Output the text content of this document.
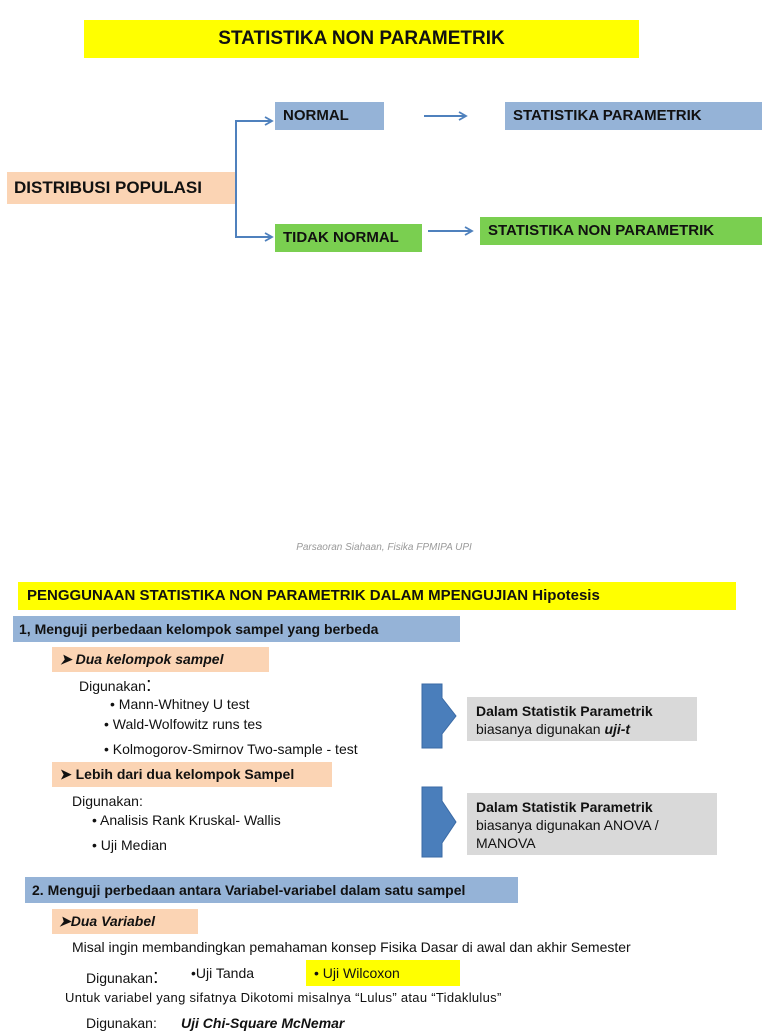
STATISTIKA NON PARAMETRIK
DISTRIBUSI POPULASI
NORMAL
TIDAK NORMAL
STATISTIKA PARAMETRIK
STATISTIKA NON PARAMETRIK
Parsaoran Siahaan, Fisika FPMIPA UPI
PENGGUNAAN STATISTIKA NON PARAMETRIK DALAM MPENGUJIAN Hipotesis
1, Menguji perbedaan kelompok sampel yang berbeda
➤ Dua kelompok sampel
Digunakan:
• Mann-Whitney U test
• Wald-Wolfowitz runs tes
• Kolmogorov-Smirnov Two-sample - test
Dalam Statistik Parametrik
biasanya digunakan uji-t
➤ Lebih dari dua kelompok Sampel
Digunakan:
• Analisis Rank Kruskal- Wallis
• Uji Median
Dalam Statistik Parametrik
biasanya digunakan ANOVA / MANOVA
2. Menguji perbedaan antara Variabel-variabel dalam satu sampel
➤Dua Variabel
Misal ingin membandingkan pemahaman konsep Fisika Dasar di awal dan akhir Semester
Digunakan: •Uji Tanda	• Uji Wilcoxon
Untuk variabel yang sifatnya Dikotomi misalnya “Lulus” atau “Tidaklulus”
Digunakan: Uji Chi-Square McNemar
